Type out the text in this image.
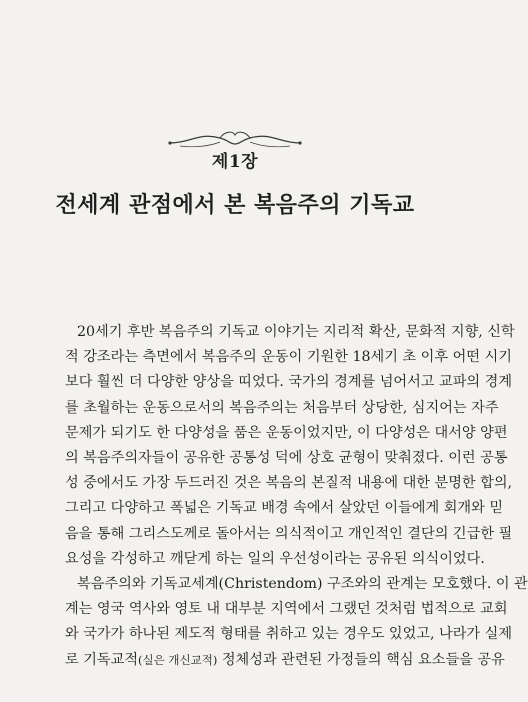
제1장
전세계 관점에서 본 복음주의 기독교
20세기 후반 복음주의 기독교 이야기는 지리적 확산, 문화적 지향, 신학
적 강조라는 측면에서 복음주의 운동이 기원한 18세기 초 이후 어떤 시기
보다 훨씬 더 다양한 양상을 띠었다. 국가의 경계를 넘어서고 교파의 경계
를 초월하는 운동으로서의 복음주의는 처음부터 상당한, 심지어는 자주
문제가 되기도 한 다양성을 품은 운동이었지만, 이 다양성은 대서양 양편
의 복음주의자들이 공유한 공통성 덕에 상호 균형이 맞춰졌다. 이런 공통
성 중에서도 가장 두드러진 것은 복음의 본질적 내용에 대한 분명한 합의,
그리고 다양하고 폭넓은 기독교 배경 속에서 살았던 이들에게 회개와 믿
음을 통해 그리스도께로 돌아서는 의식적이고 개인적인 결단의 긴급한 필
요성을 각성하고 깨닫게 하는 일의 우선성이라는 공유된 의식이었다.
복음주의와 기독교세계(Christendom) 구조와의 관계는 모호했다. 이 관
계는 영국 역사와 영토 내 대부분 지역에서 그랬던 것처럼 법적으로 교회
와 국가가 하나된 제도적 형태를 취하고 있는 경우도 있었고, 나라가 실제
로 기독교적(실은 개신교적) 정체성과 관련된 가정들의 핵심 요소들을 공유
